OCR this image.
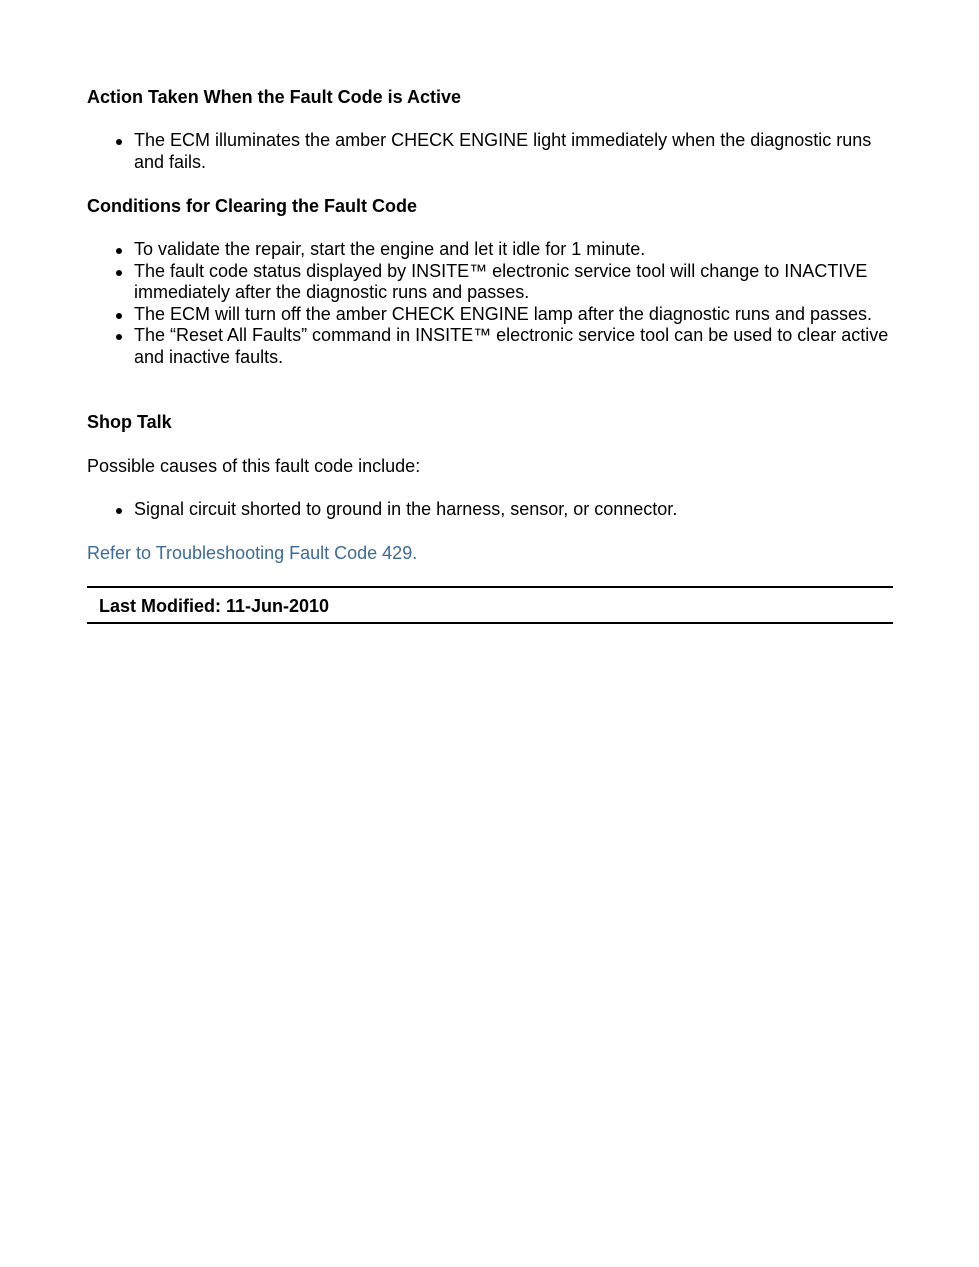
Action Taken When the Fault Code is Active
The ECM illuminates the amber CHECK ENGINE light immediately when the diagnostic runs and fails.
Conditions for Clearing the Fault Code
To validate the repair, start the engine and let it idle for 1 minute.
The fault code status displayed by INSITE™ electronic service tool will change to INACTIVE immediately after the diagnostic runs and passes.
The ECM will turn off the amber CHECK ENGINE lamp after the diagnostic runs and passes.
The “Reset All Faults” command in INSITE™ electronic service tool can be used to clear active and inactive faults.
Shop Talk
Possible causes of this fault code include:
Signal circuit shorted to ground in the harness, sensor, or connector.
Refer to Troubleshooting Fault Code 429.
Last Modified: 11-Jun-2010
